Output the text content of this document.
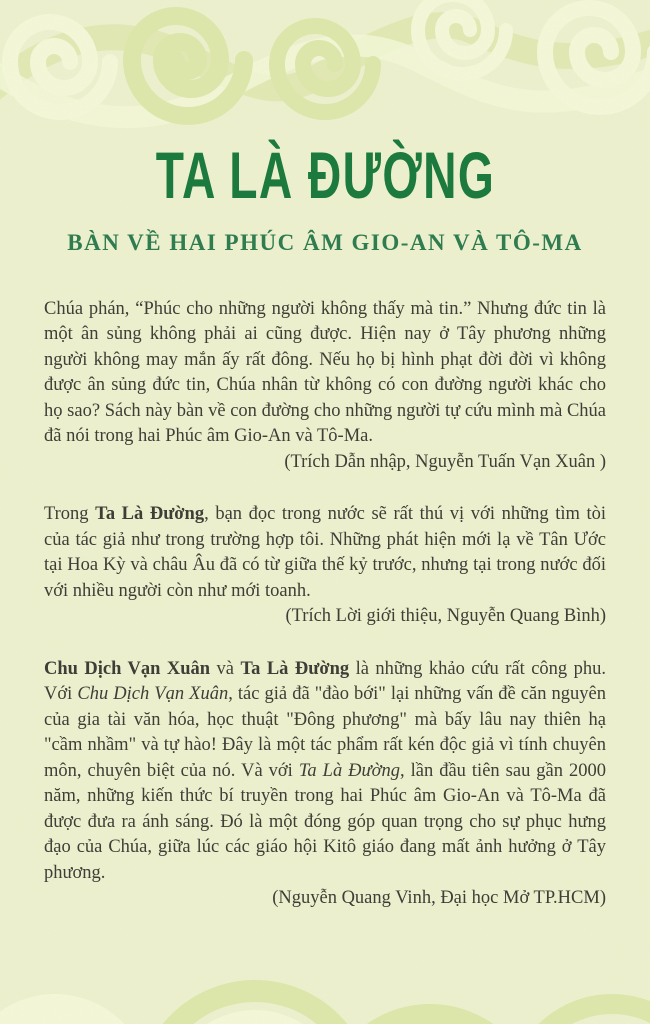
TA LÀ ĐƯỜNG
BÀN VỀ HAI PHÚC ÂM GIO-AN VÀ TÔ-MA

Chúa phán, “Phúc cho những người không thấy mà tin.” Nhưng đức tin là một ân sủng không phải ai cũng được. Hiện nay ở Tây phương những người không may mắn ấy rất đông. Nếu họ bị hình phạt đời đời vì không được ân sủng đức tin, Chúa nhân từ không có con đường người khác cho họ sao? Sách này bàn về con đường cho những người tự cứu mình mà Chúa đã nói trong hai Phúc âm Gio-An và Tô-Ma.

(Trích Dẫn nhập, Nguyễn Tuấn Vạn Xuân )

Trong Ta Là Đường, bạn đọc trong nước sẽ rất thú vị với những tìm tòi của tác giả như trong trường hợp tôi. Những phát hiện mới lạ về Tân Ước tại Hoa Kỳ và châu Âu đã có từ giữa thế kỷ trước, nhưng tại trong nước đối với nhiều người còn như mới toanh.

(Trích Lời giới thiệu, Nguyễn Quang Bình)

Chu Dịch Vạn Xuân và Ta Là Đường là những khảo cứu rất công phu. Với Chu Dịch Vạn Xuân, tác giả đã "đào bới" lại những vấn đề căn nguyên của gia tài văn hóa, học thuật "Đông phương" mà bấy lâu nay thiên hạ "cầm nhầm" và tự hào! Đây là một tác phẩm rất kén độc giả vì tính chuyên môn, chuyên biệt của nó. Và với Ta Là Đường, lần đầu tiên sau gần 2000 năm, những kiến thức bí truyền trong hai Phúc âm Gio-An và Tô-Ma đã được đưa ra ánh sáng. Đó là một đóng góp quan trọng cho sự phục hưng đạo của Chúa, giữa lúc các giáo hội Kitô giáo đang mất ảnh hưởng ở Tây phương.

(Nguyễn Quang Vinh, Đại học Mở TP.HCM)
